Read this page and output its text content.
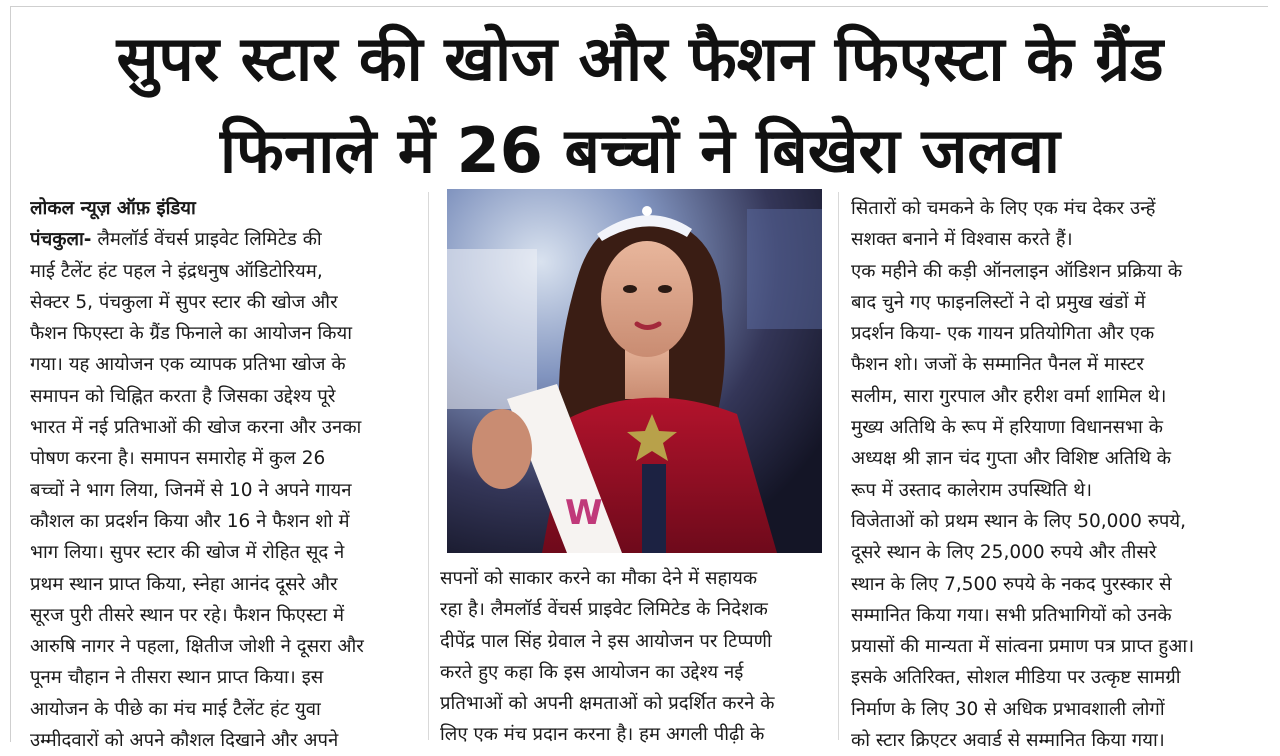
सुपर स्टार की खोज और फैशन फिएस्टा के ग्रैंड
फिनाले में 26 बच्चों ने बिखेरा जलवा
लोकल न्यूज़ ऑफ़ इंडिया
पंचकुला- लैमलॉर्ड वेंचर्स प्राइवेट लिमिटेड की
माई टैलेंट हंट पहल ने इंद्रधनुष ऑडिटोरियम,
सेक्टर 5, पंचकुला में सुपर स्टार की खोज और
फैशन फिएस्टा के ग्रैंड फिनाले का आयोजन किया
गया। यह आयोजन एक व्यापक प्रतिभा खोज के
समापन को चिह्नित करता है जिसका उद्देश्य पूरे
भारत में नई प्रतिभाओं की खोज करना और उनका
पोषण करना है। समापन समारोह में कुल 26
बच्चों ने भाग लिया, जिनमें से 10 ने अपने गायन
कौशल का प्रदर्शन किया और 16 ने फैशन शो में
भाग लिया। सुपर स्टार की खोज में रोहित सूद ने
प्रथम स्थान प्राप्त किया, स्नेहा आनंद दूसरे और
सूरज पुरी तीसरे स्थान पर रहे। फैशन फिएस्टा में
आरुषि नागर ने पहला, क्षितीज जोशी ने दूसरा और
पूनम चौहान ने तीसरा स्थान प्राप्त किया। इस
आयोजन के पीछे का मंच माई टैलेंट हंट युवा
उम्मीदवारों को अपने कौशल दिखाने और अपने
W
सपनों को साकार करने का मौका देने में सहायक
रहा है। लैमलॉर्ड वेंचर्स प्राइवेट लिमिटेड के निदेशक
दीपेंद्र पाल सिंह ग्रेवाल ने इस आयोजन पर टिप्पणी
करते हुए कहा कि इस आयोजन का उद्देश्य नई
प्रतिभाओं को अपनी क्षमताओं को प्रदर्शित करने के
लिए एक मंच प्रदान करना है। हम अगली पीढ़ी के
सितारों को चमकने के लिए एक मंच देकर उन्हें
सशक्त बनाने में विश्वास करते हैं।
एक महीने की कड़ी ऑनलाइन ऑडिशन प्रक्रिया के
बाद चुने गए फाइनलिस्टों ने दो प्रमुख खंडों में
प्रदर्शन किया- एक गायन प्रतियोगिता और एक
फैशन शो। जजों के सम्मानित पैनल में मास्टर
सलीम, सारा गुरपाल और हरीश वर्मा शामिल थे।
मुख्य अतिथि के रूप में हरियाणा विधानसभा के
अध्यक्ष श्री ज्ञान चंद गुप्ता और विशिष्ट अतिथि के
रूप में उस्ताद कालेराम उपस्थिति थे।
विजेताओं को प्रथम स्थान के लिए 50,000 रुपये,
दूसरे स्थान के लिए 25,000 रुपये और तीसरे
स्थान के लिए 7,500 रुपये के नकद पुरस्कार से
सम्मानित किया गया। सभी प्रतिभागियों को उनके
प्रयासों की मान्यता में सांत्वना प्रमाण पत्र प्राप्त हुआ।
इसके अतिरिक्त, सोशल मीडिया पर उत्कृष्ट सामग्री
निर्माण के लिए 30 से अधिक प्रभावशाली लोगों
को स्टार क्रिएटर अवार्ड से सम्मानित किया गया।
